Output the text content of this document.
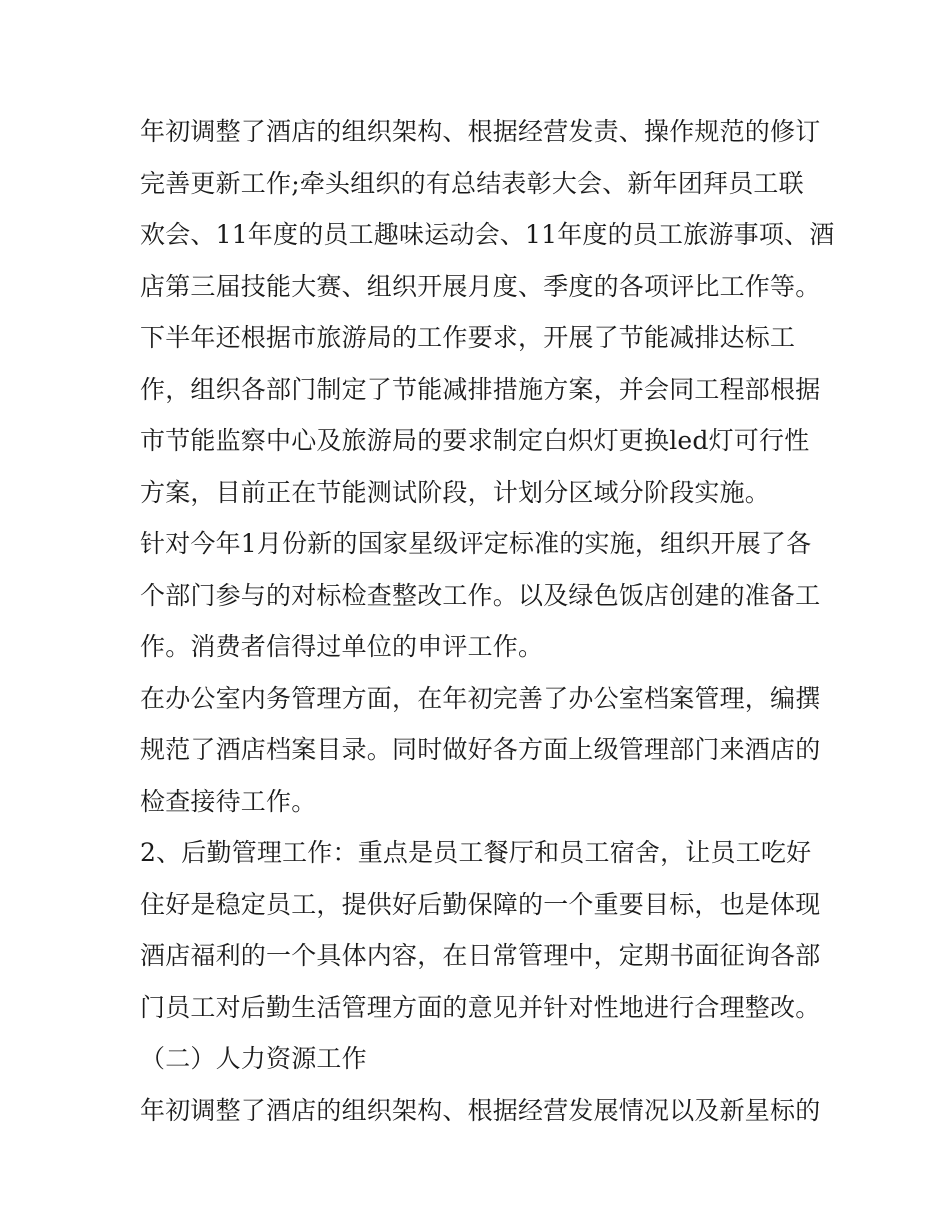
年初调整了酒店的组织架构、根据经营发责、操作规范的修订
完善更新工作;牵头组织的有总结表彰大会、新年团拜员工联
欢会、11年度的员工趣味运动会、11年度的员工旅游事项、酒
店第三届技能大赛、组织开展月度、季度的各项评比工作等。
下半年还根据市旅游局的工作要求，开展了节能减排达标工
作，组织各部门制定了节能减排措施方案，并会同工程部根据
市节能监察中心及旅游局的要求制定白炽灯更换led灯可行性
方案，目前正在节能测试阶段，计划分区域分阶段实施。
针对今年1月份新的国家星级评定标准的实施，组织开展了各
个部门参与的对标检查整改工作。以及绿色饭店创建的准备工
作。消费者信得过单位的申评工作。
在办公室内务管理方面，在年初完善了办公室档案管理，编撰
规范了酒店档案目录。同时做好各方面上级管理部门来酒店的
检查接待工作。
2、后勤管理工作：重点是员工餐厅和员工宿舍，让员工吃好
住好是稳定员工，提供好后勤保障的一个重要目标，也是体现
酒店福利的一个具体内容，在日常管理中，定期书面征询各部
门员工对后勤生活管理方面的意见并针对性地进行合理整改。
（二）人力资源工作
年初调整了酒店的组织架构、根据经营发展情况以及新星标的
